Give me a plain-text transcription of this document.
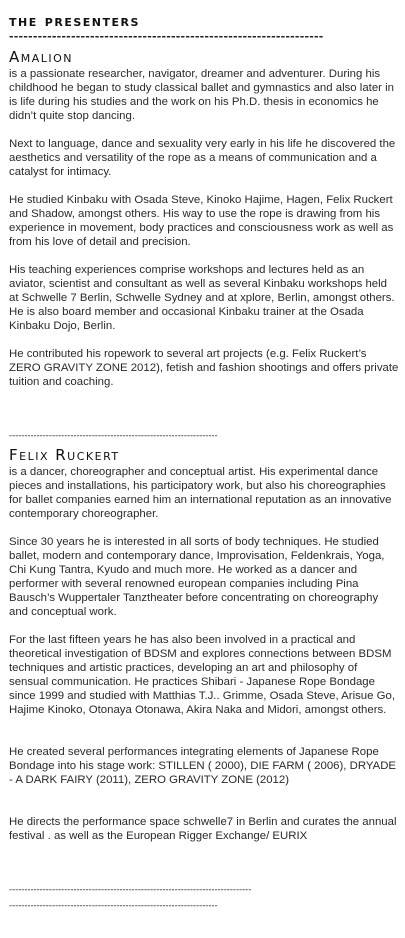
the presenters
------------------------------------------------------------------
Amalion

is a passionate researcher, navigator, dreamer and adventurer. During his childhood he began to study classical ballet and gymnastics and also later in is life during his studies and the work on his Ph.D. thesis in economics he didn’t quite stop dancing.

Next to language, dance and sexuality very early in his life he discovered the aesthetics and versatility of the rope as a means of communication and a catalyst for intimacy.

He studied Kinbaku with Osada Steve, Kinoko Hajime, Hagen, Felix Ruckert and Shadow, amongst others. His way to use the rope is drawing from his experience in movement, body practices and consciousness work as well as from his love of detail and precision.

His teaching experiences comprise workshops and lectures held as an aviator, scientist and consultant as well as several Kinbaku workshops held at Schwelle 7 Berlin, Schwelle Sydney and at xplore, Berlin, amongst others. He is also board member and occasional Kinbaku trainer at the Osada Kinbaku Dojo, Berlin.

He contributed his ropework to several art projects (e.g. Felix Ruckert’s ZERO GRAVITY ZONE 2012), fetish and fashion shootings and offers private tuition and coaching.

--------------------------------------------------------------------
Felix Ruckert

is a dancer, choreographer and conceptual artist. His experimental dance pieces and installations, his participatory work, but also his choreographies for ballet companies earned him an international reputation as an innovative contemporary choreographer.

Since 30 years he is interested in all sorts of body techniques. He studied ballet, modern and contemporary dance, Improvisation, Feldenkrais, Yoga, Chi Kung Tantra, Kyudo and much more. He worked as a dancer and performer with several renowned european companies including Pina Bausch’s Wuppertaler Tanztheater before concentrating on choreography and conceptual work.

For the last fifteen years he has also been involved in a practical and theoretical investigation of BDSM and explores connections between BDSM techniques and artistic practices, developing an art and philosophy of sensual communication. He practices Shibari - Japanese Rope Bondage since 1999 and studied with Matthias T.J.. Grimme, Osada Steve, Arisue Go, Hajime Kinoko, Otonaya Otonawa, Akira Naka and Midori, amongst others.

He created several performances integrating elements of Japanese Rope Bondage into his stage work: STILLEN ( 2000), DIE FARM ( 2006), DRYADE - A DARK FAIRY (2011), ZERO GRAVITY ZONE (2012)

He directs the performance space schwelle7 in Berlin and curates the annual festival . as well as the European Rigger Exchange/ EURIX

-------------------------------------------------------------------------------
--------------------------------------------------------------------
